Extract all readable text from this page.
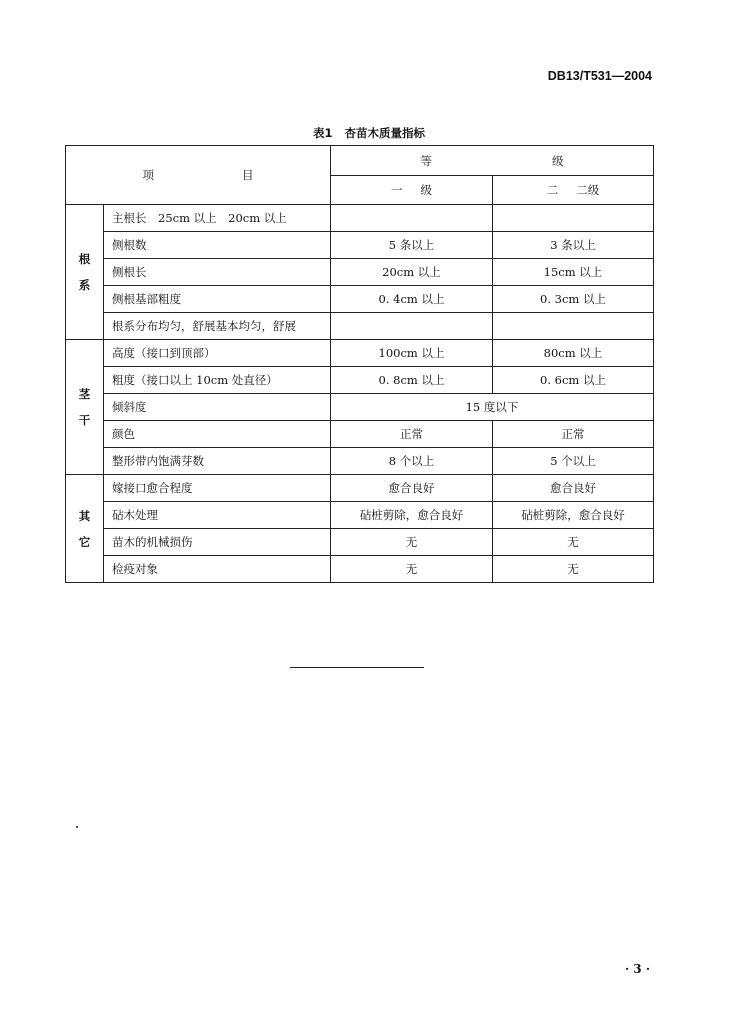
DB13/T531—2004
表1 杏苗木质量指标
项 目		等 级	
		一 级	二 二级

根
系	主根长　25cm 以上　20cm 以上		
	侧根数	5 条以上	3 条以上
	侧根长	20cm 以上	15cm 以上
	侧根基部粗度	0. 4cm 以上	0. 3cm 以上
	根系分布均匀，舒展基本均匀，舒展		

茎
干	高度（接口到顶部）	100cm 以上	80cm 以上
	粗度（接口以上 10cm 处直径）	0. 8cm 以上	0. 6cm 以上
	倾斜度	15 度以下	
	颜色	正常	正常
	整形带内饱满芽数	8 个以上	5 个以上

其
它	嫁接口愈合程度	愈合良好	愈合良好
	砧木处理	砧桩剪除，愈合良好	砧桩剪除，愈合良好
	苗木的机械损伤	无	无
	检疫对象	无	无
· 3 ·
